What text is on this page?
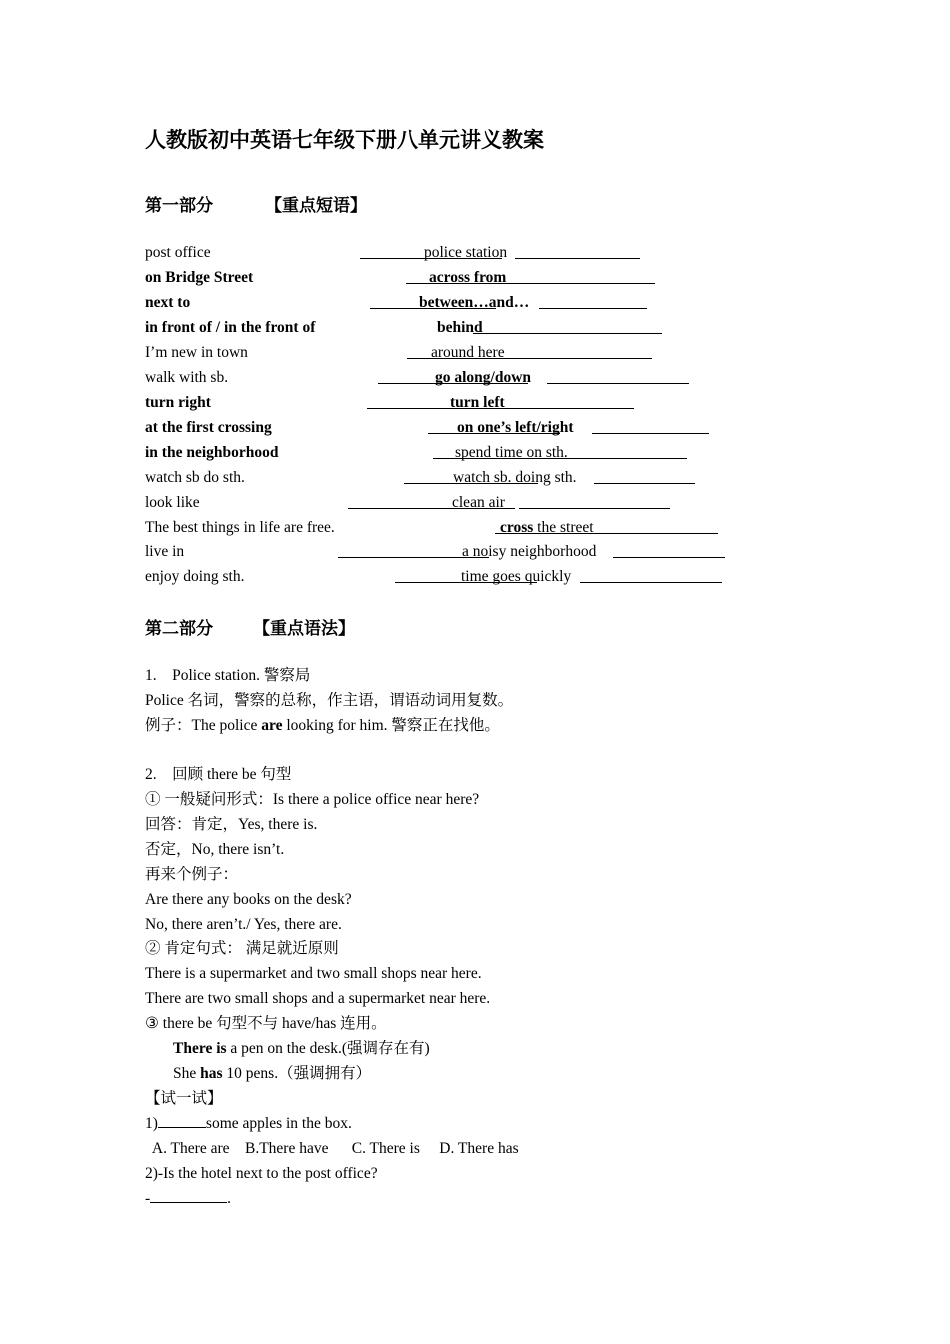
人教版初中英语七年级下册八单元讲义教案
第一部分	【重点短语】
post office	police station
on Bridge Street	across from
next to	between…and…
in front of / in the front of	behind
I’m new in town	around here
walk with sb.	go along/down
turn right	turn left
at the first crossing	on one’s left/right
in the neighborhood	spend time on sth.
watch sb do sth.	watch sb. doing sth.
look like	clean air
The best things in life are free.	cross the street
live in	a noisy neighborhood
enjoy doing sth.	time goes quickly
第二部分 【重点语法】
1.　Police station. 警察局
Police 名词，警察的总称，作主语，谓语动词用复数。
例子：The police are looking for him. 警察正在找他。
2.　回顾 there be 句型
① 一般疑问形式：Is there a police office near here?
回答：肯定，Yes, there is.
否定，No, there isn’t.
再来个例子：
Are there any books on the desk?
No, there aren’t./ Yes, there are.
② 肯定句式： 满足就近原则
There is a supermarket and two small shops near here.
There are two small shops and a supermarket near here.
③ there be 句型不与 have/has 连用。
There is a pen on the desk.(强调存在有)
She has 10 pens.（强调拥有）
【试一试】
1)	some apples in the box.
A. There are    B.There have      C. There is     D. There has
2)-Is the hotel next to the post office?
-	.
